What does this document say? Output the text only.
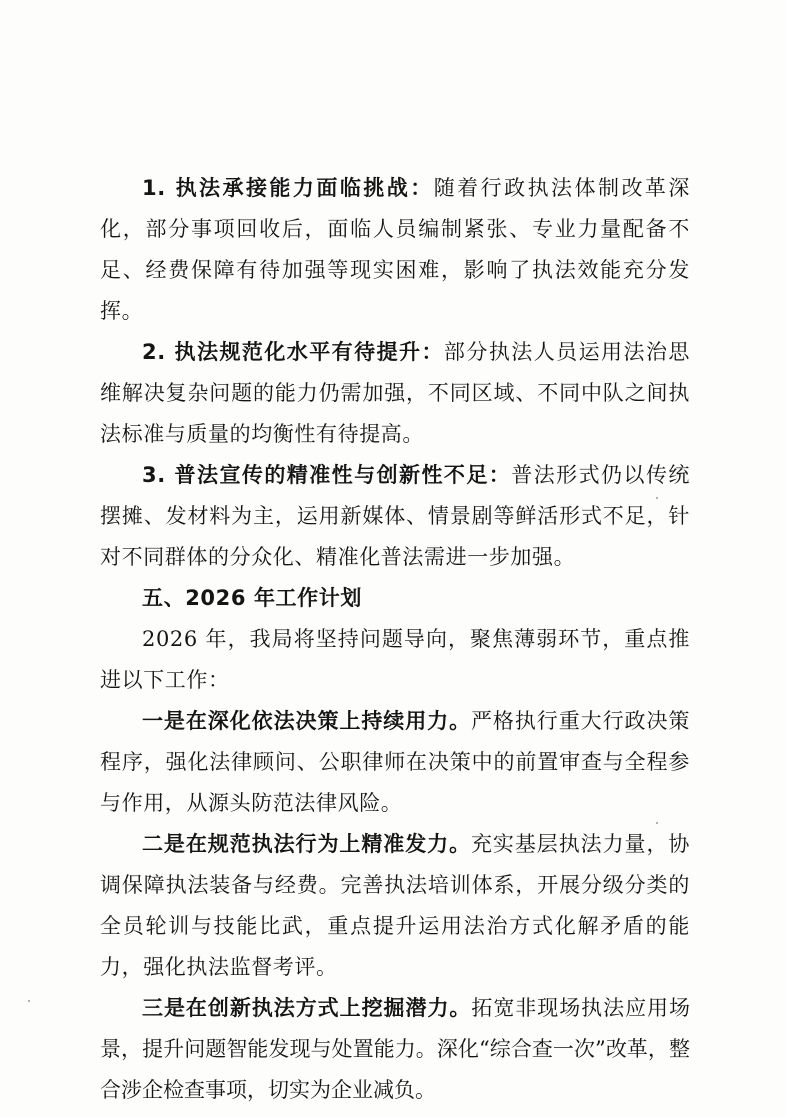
1. 执法承接能力面临挑战：随着行政执法体制改革深化，部分事项回收后，面临人员编制紧张、专业力量配备不足、经费保障有待加强等现实困难，影响了执法效能充分发挥。

2. 执法规范化水平有待提升：部分执法人员运用法治思维解决复杂问题的能力仍需加强，不同区域、不同中队之间执法标准与质量的均衡性有待提高。

3. 普法宣传的精准性与创新性不足：普法形式仍以传统摆摊、发材料为主，运用新媒体、情景剧等鲜活形式不足，针对不同群体的分众化、精准化普法需进一步加强。

五、2026 年工作计划

2026 年，我局将坚持问题导向，聚焦薄弱环节，重点推进以下工作：

一是在深化依法决策上持续用力。严格执行重大行政决策程序，强化法律顾问、公职律师在决策中的前置审查与全程参与作用，从源头防范法律风险。

二是在规范执法行为上精准发力。充实基层执法力量，协调保障执法装备与经费。完善执法培训体系，开展分级分类的全员轮训与技能比武，重点提升运用法治方式化解矛盾的能力，强化执法监督考评。

三是在创新执法方式上挖掘潜力。拓宽非现场执法应用场景，提升问题智能发现与处置能力。深化“综合查一次”改革，整合涉企检查事项，切实为企业减负。
